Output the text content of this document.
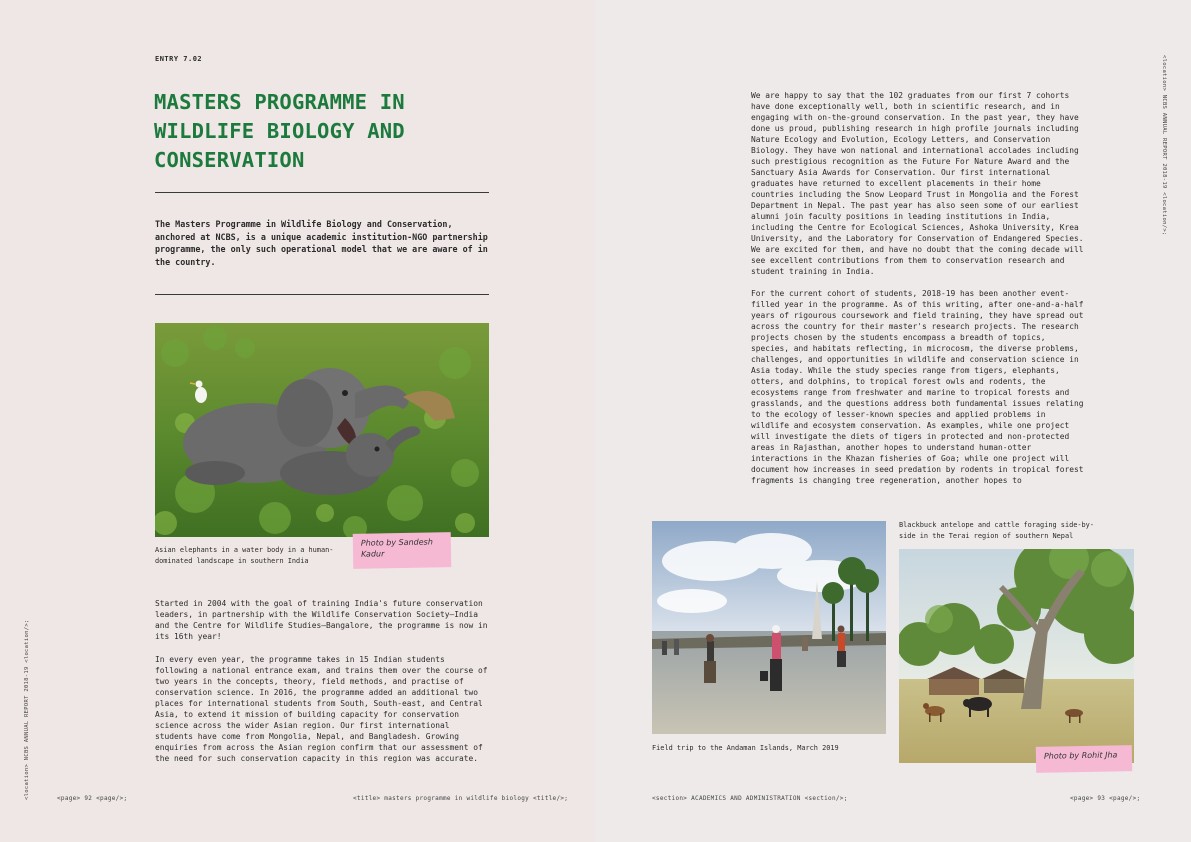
ENTRY 7.02
MASTERS PROGRAMME IN WILDLIFE BIOLOGY AND CONSERVATION

The Masters Programme in Wildlife Biology and Conservation, anchored at NCBS, is a unique academic institution-NGO partnership programme, the only such operational model that we are aware of in the country.

Asian elephants in a water body in a human-dominated landscape in southern India

Photo by Sandesh Kadur

Started in 2004 with the goal of training India's future conservation leaders, in partnership with the Wildlife Conservation Society–India and the Centre for Wildlife Studies–Bangalore, the programme is now in its 16th year!

In every even year, the programme takes in 15 Indian students following a national entrance exam, and trains them over the course of two years in the concepts, theory, field methods, and practise of conservation science. In 2016, the programme added an additional two places for international students from South, South-east, and Central Asia, to extend it mission of building capacity for conservation science across the wider Asian region. Our first international students have come from Mongolia, Nepal, and Bangladesh. Growing enquiries from across the Asian region confirm that our assessment of the need for such conservation capacity in this region was accurate.

<page> 92 <page/>;	<title> masters programme in wildlife biology <title/>;
<location> NCBS ANNUAL REPORT 2018-19 <location/>;

We are happy to say that the 102 graduates from our first 7 cohorts have done exceptionally well, both in scientific research, and in engaging with on-the-ground conservation. In the past year, they have done us proud, publishing research in high profile journals including Nature Ecology and Evolution, Ecology Letters, and Conservation Biology. They have won national and international accolades including such prestigious recognition as the Future For Nature Award and the Sanctuary Asia Awards for Conservation. Our first international graduates have returned to excellent placements in their home countries including the Snow Leopard Trust in Mongolia and the Forest Department in Nepal. The past year has also seen some of our earliest alumni join faculty positions in leading institutions in India, including the Centre for Ecological Sciences, Ashoka University, Krea University, and the Laboratory for Conservation of Endangered Species. We are excited for them, and have no doubt that the coming decade will see excellent contributions from them to conservation research and student training in India.

For the current cohort of students, 2018-19 has been another event-filled year in the programme. As of this writing, after one-and-a-half years of rigourous coursework and field training, they have spread out across the country for their master's research projects. The research projects chosen by the students encompass a breadth of topics, species, and habitats reflecting, in microcosm, the diverse problems, challenges, and opportunities in wildlife and conservation science in Asia today. While the study species range from tigers, elephants, otters, and dolphins, to tropical forest owls and rodents, the ecosystems range from freshwater and marine to tropical forests and grasslands, and the questions address both fundamental issues relating to the ecology of lesser-known species and applied problems in wildlife and ecosystem conservation. As examples, while one project will investigate the diets of tigers in protected and non-protected areas in Rajasthan, another hopes to understand human-otter interactions in the Khazan fisheries of Goa; while one project will document how increases in seed predation by rodents in tropical forest fragments is changing tree regeneration, another hopes to

Field trip to the Andaman Islands, March 2019

Blackbuck antelope and cattle foraging side-by-side in the Terai region of southern Nepal

Photo by Rohit Jha
<section> ACADEMICS AND ADMINISTRATION <section/>;	<page> 93 <page/>;
<location> NCBS ANNUAL REPORT 2018-19 <location/>;
